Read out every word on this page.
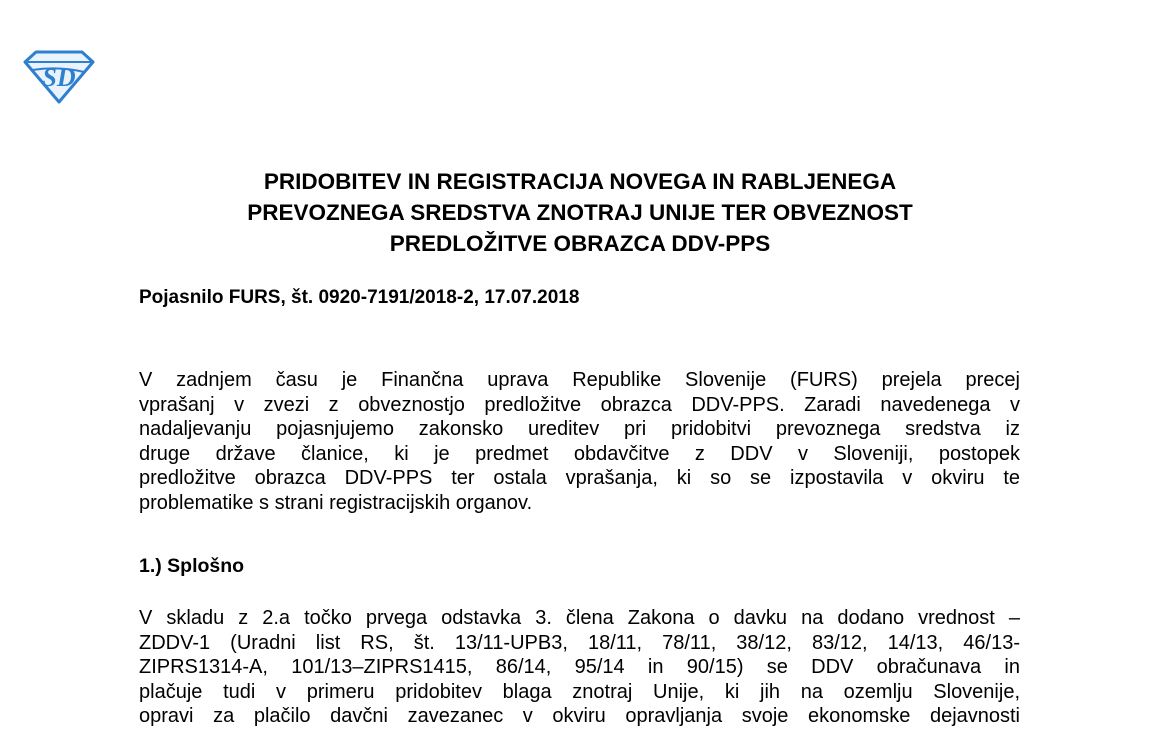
SD
PRIDOBITEV IN REGISTRACIJA NOVEGA IN RABLJENEGA
PREVOZNEGA SREDSTVA ZNOTRAJ UNIJE TER OBVEZNOST
PREDLOŽITVE OBRAZCA DDV-PPS
Pojasnilo FURS, št. 0920-7191/2018-2, 17.07.2018
V zadnjem času je Finančna uprava Republike Slovenije (FURS) prejela precej
vprašanj v zvezi z obveznostjo predložitve obrazca DDV-PPS. Zaradi navedenega v
nadaljevanju pojasnjujemo zakonsko ureditev pri pridobitvi prevoznega sredstva iz
druge države članice, ki je predmet obdavčitve z DDV v Sloveniji, postopek
predložitve obrazca DDV-PPS ter ostala vprašanja, ki so se izpostavila v okviru te
problematike s strani registracijskih organov.
1.) Splošno
V skladu z 2.a točko prvega odstavka 3. člena Zakona o davku na dodano vrednost –
ZDDV-1 (Uradni list RS, št. 13/11-UPB3, 18/11, 78/11, 38/12, 83/12, 14/13, 46/13-
ZIPRS1314-A, 101/13–ZIPRS1415, 86/14, 95/14 in 90/15) se DDV obračunava in
plačuje tudi v primeru pridobitev blaga znotraj Unije, ki jih na ozemlju Slovenije,
opravi za plačilo davčni zavezanec v okviru opravljanja svoje ekonomske dejavnosti
